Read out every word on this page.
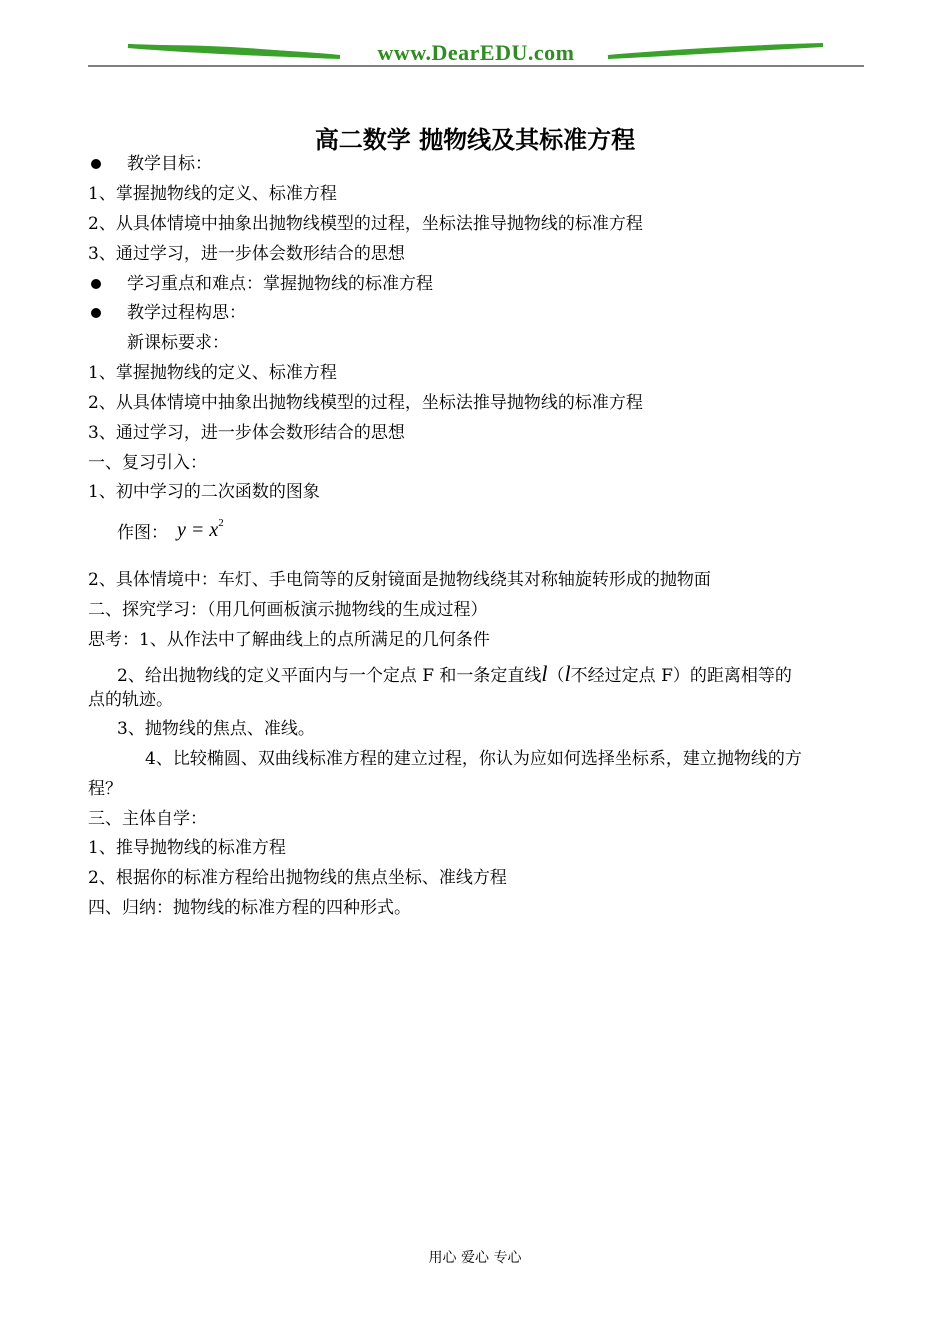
www.DearEDU.com
高二数学 抛物线及其标准方程
教学目标：
1、掌握抛物线的定义、标准方程
2、从具体情境中抽象出抛物线模型的过程，坐标法推导抛物线的标准方程
3、通过学习，进一步体会数形结合的思想
学习重点和难点：掌握抛物线的标准方程
教学过程构思：
新课标要求：
1、掌握抛物线的定义、标准方程
2、从具体情境中抽象出抛物线模型的过程，坐标法推导抛物线的标准方程
3、通过学习，进一步体会数形结合的思想
一、复习引入：
1、初中学习的二次函数的图象
作图： $y = x^2$
2、具体情境中：车灯、手电筒等的反射镜面是抛物线绕其对称轴旋转形成的抛物面
二、探究学习：（用几何画板演示抛物线的生成过程）
思考：1、从作法中了解曲线上的点所满足的几何条件
2、给出抛物线的定义平面内与一个定点 F 和一条定直线l（l不经过定点 F）的距离相等的
点的轨迹。
3、抛物线的焦点、准线。
4、比较椭圆、双曲线标准方程的建立过程，你认为应如何选择坐标系，建立抛物线的方
程？
三、主体自学：
1、推导抛物线的标准方程
2、根据你的标准方程给出抛物线的焦点坐标、准线方程
四、归纳：抛物线的标准方程的四种形式。
用心 爱心 专心
